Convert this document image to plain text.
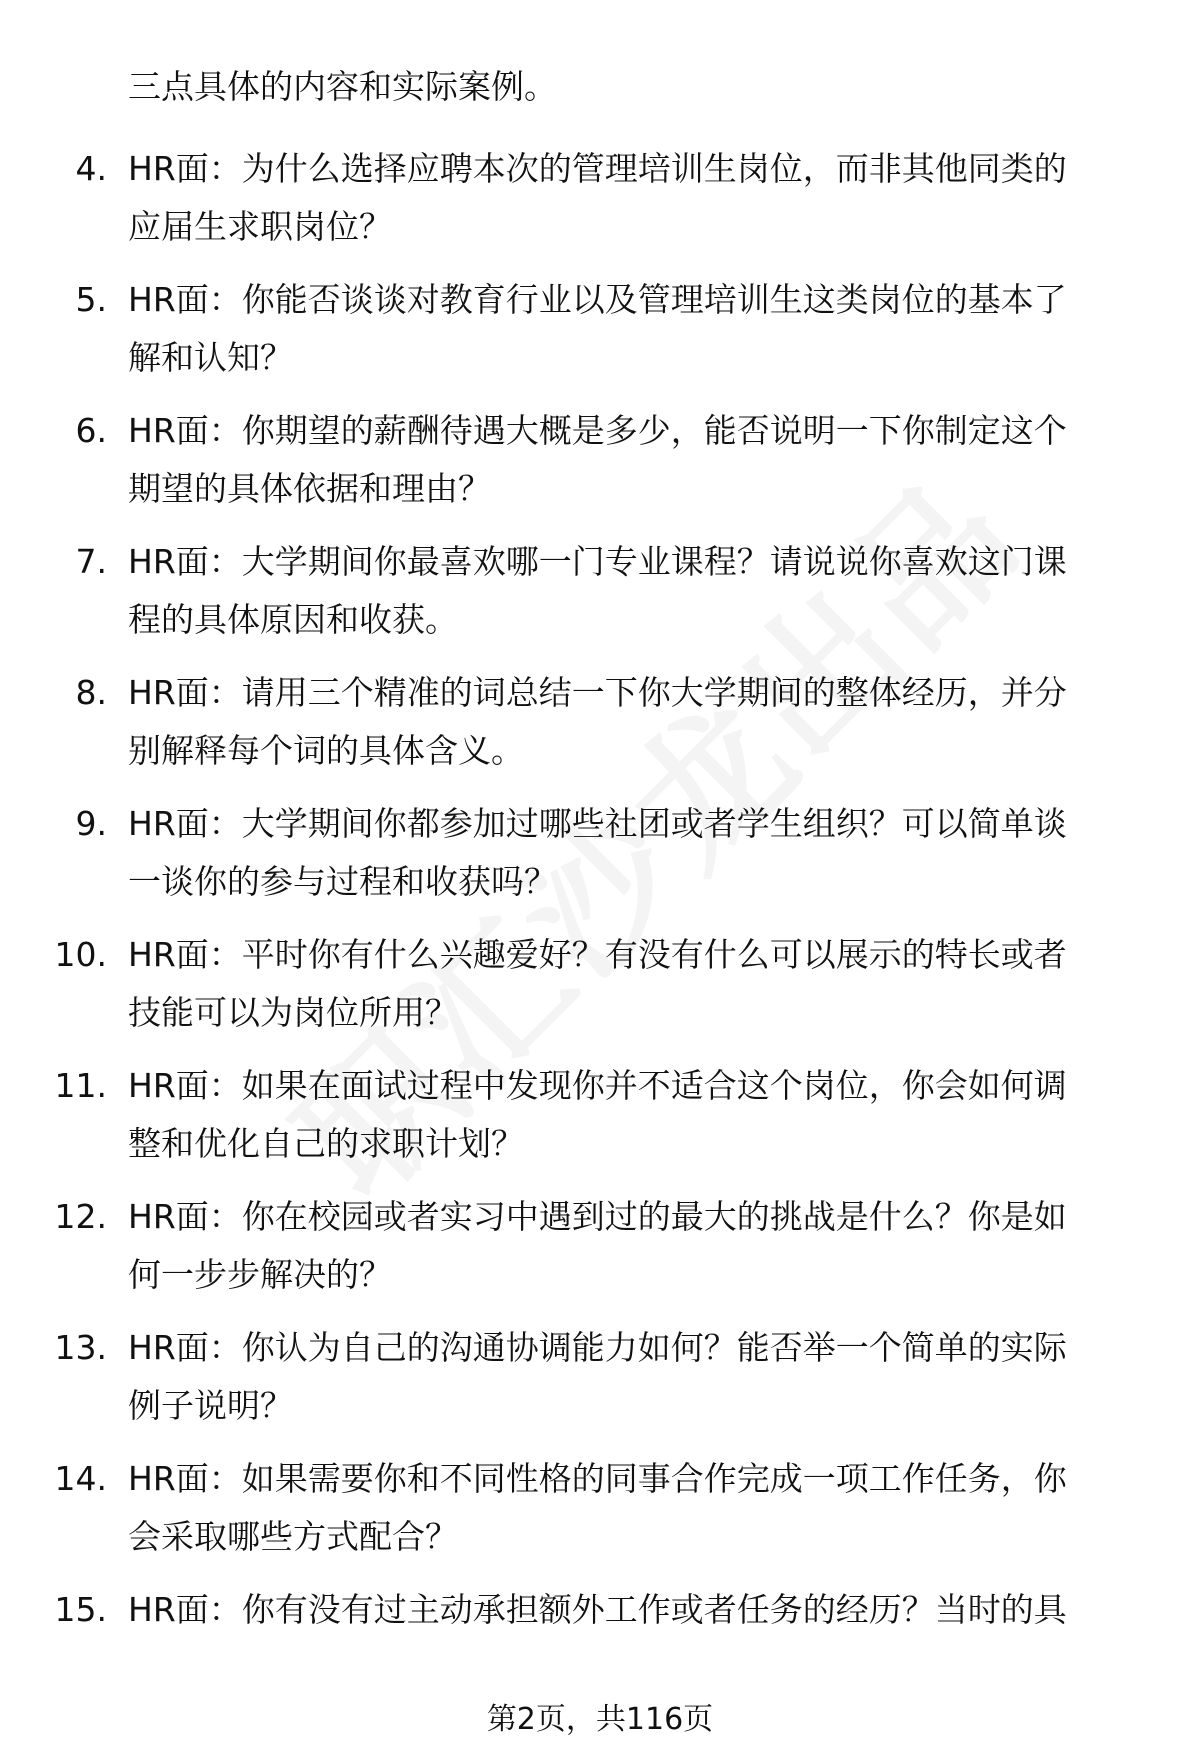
三点具体的内容和实际案例。
4. HR面：为什么选择应聘本次的管理培训生岗位，而非其他同类的
应届生求职岗位？
5. HR面：你能否谈谈对教育行业以及管理培训生这类岗位的基本了
解和认知？
6. HR面：你期望的薪酬待遇大概是多少，能否说明一下你制定这个
期望的具体依据和理由？
7. HR面：大学期间你最喜欢哪一门专业课程？请说说你喜欢这门课
程的具体原因和收获。
8. HR面：请用三个精准的词总结一下你大学期间的整体经历，并分
别解释每个词的具体含义。
9. HR面：大学期间你都参加过哪些社团或者学生组织？可以简单谈
一谈你的参与过程和收获吗？
10. HR面：平时你有什么兴趣爱好？有没有什么可以展示的特长或者
技能可以为岗位所用？
11. HR面：如果在面试过程中发现你并不适合这个岗位，你会如何调
整和优化自己的求职计划？
12. HR面：你在校园或者实习中遇到过的最大的挑战是什么？你是如
何一步步解决的？
13. HR面：你认为自己的沟通协调能力如何？能否举一个简单的实际
例子说明？
14. HR面：如果需要你和不同性格的同事合作完成一项工作任务，你
会采取哪些方式配合？
15. HR面：你有没有过主动承担额外工作或者任务的经历？当时的具
第2页，共116页
